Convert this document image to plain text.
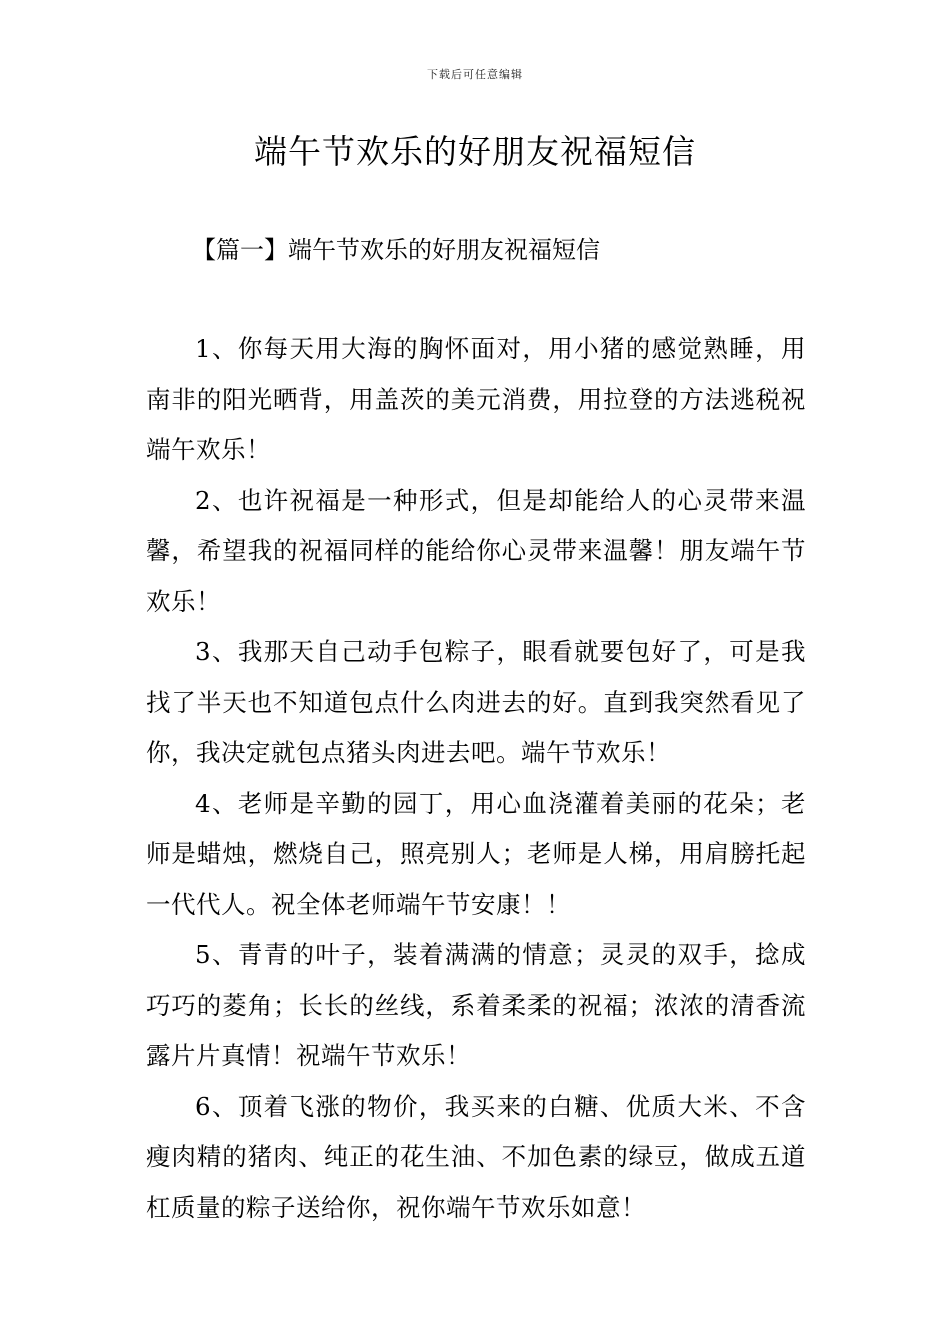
下载后可任意编辑
端午节欢乐的好朋友祝福短信
【篇一】端午节欢乐的好朋友祝福短信

1、你每天用大海的胸怀面对，用小猪的感觉熟睡，用南非的阳光晒背，用盖茨的美元消费，用拉登的方法逃税祝端午欢乐！

2、也许祝福是一种形式，但是却能给人的心灵带来温馨，希望我的祝福同样的能给你心灵带来温馨！朋友端午节欢乐！

3、我那天自己动手包粽子，眼看就要包好了，可是我找了半天也不知道包点什么肉进去的好。直到我突然看见了你，我决定就包点猪头肉进去吧。端午节欢乐！

4、老师是辛勤的园丁，用心血浇灌着美丽的花朵；老师是蜡烛，燃烧自己，照亮别人；老师是人梯，用肩膀托起一代代人。祝全体老师端午节安康！！

5、青青的叶子，装着满满的情意；灵灵的双手，捻成巧巧的菱角；长长的丝线，系着柔柔的祝福；浓浓的清香流露片片真情！祝端午节欢乐！

6、顶着飞涨的物价，我买来的白糖、优质大米、不含瘦肉精的猪肉、纯正的花生油、不加色素的绿豆，做成五道杠质量的粽子送给你，祝你端午节欢乐如意！
